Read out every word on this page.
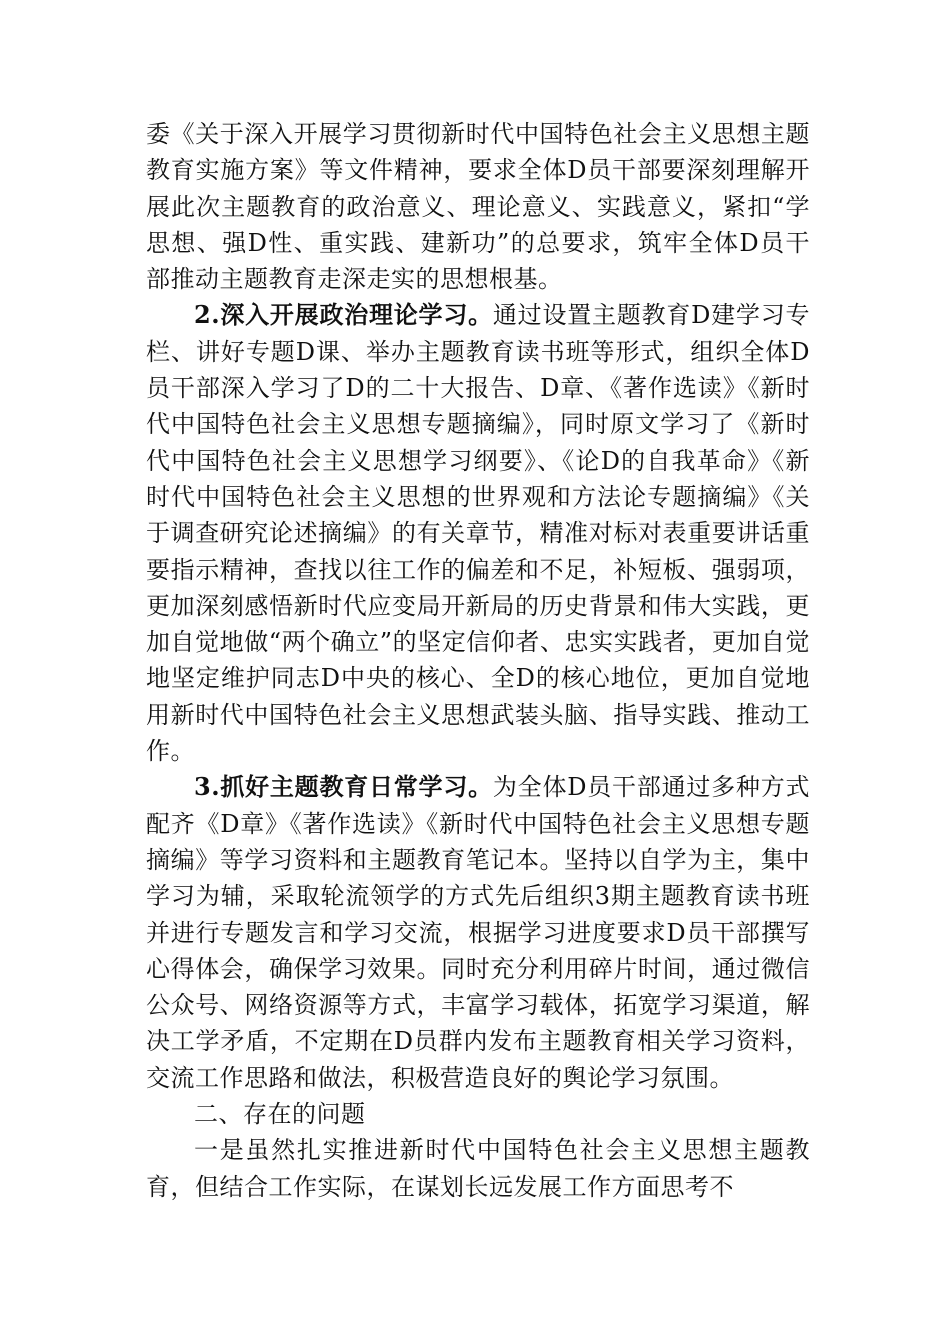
委《关于深入开展学习贯彻新时代中国特色社会主义思想主题教育实施方案》等文件精神，要求全体D员干部要深刻理解开展此次主题教育的政治意义、理论意义、实践意义，紧扣“学思想、强D性、重实践、建新功”的总要求，筑牢全体D员干部推动主题教育走深走实的思想根基。

2.深入开展政治理论学习。通过设置主题教育D建学习专栏、讲好专题D课、举办主题教育读书班等形式，组织全体D员干部深入学习了D的二十大报告、D章、《著作选读》《新时代中国特色社会主义思想专题摘编》，同时原文学习了《新时代中国特色社会主义思想学习纲要》、《论D的自我革命》《新时代中国特色社会主义思想的世界观和方法论专题摘编》《关于调查研究论述摘编》的有关章节，精准对标对表重要讲话重要指示精神，查找以往工作的偏差和不足，补短板、强弱项，更加深刻感悟新时代应变局开新局的历史背景和伟大实践，更加自觉地做“两个确立”的坚定信仰者、忠实实践者，更加自觉地坚定维护同志D中央的核心、全D的核心地位，更加自觉地用新时代中国特色社会主义思想武装头脑、指导实践、推动工作。

3.抓好主题教育日常学习。为全体D员干部通过多种方式配齐《D章》《著作选读》《新时代中国特色社会主义思想专题摘编》等学习资料和主题教育笔记本。坚持以自学为主，集中学习为辅，采取轮流领学的方式先后组织3期主题教育读书班并进行专题发言和学习交流，根据学习进度要求D员干部撰写心得体会，确保学习效果。同时充分利用碎片时间，通过微信公众号、网络资源等方式，丰富学习载体，拓宽学习渠道，解决工学矛盾，不定期在D员群内发布主题教育相关学习资料，交流工作思路和做法，积极营造良好的舆论学习氛围。

二、存在的问题

一是虽然扎实推进新时代中国特色社会主义思想主题教育，但结合工作实际，在谋划长远发展工作方面思考不
